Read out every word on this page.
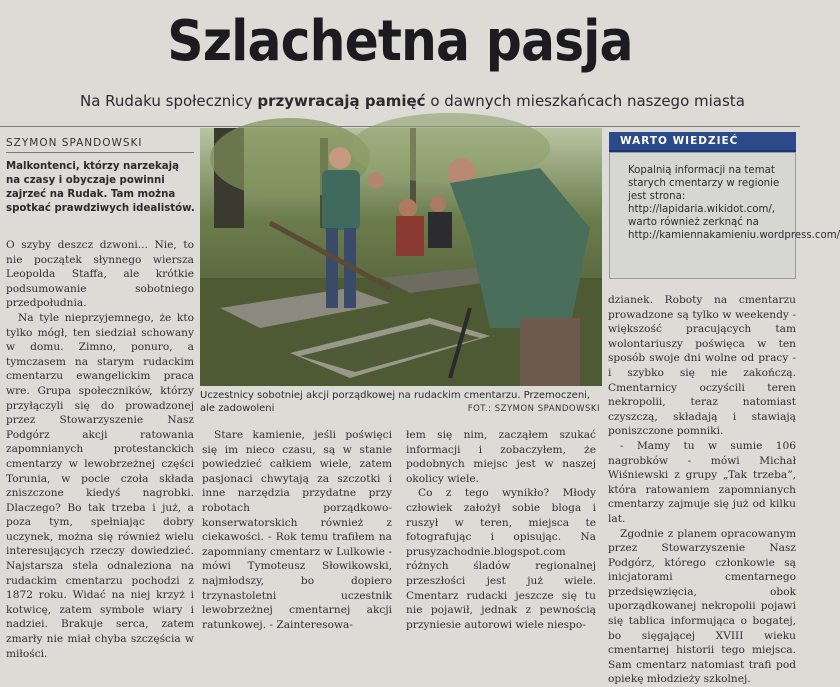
Szlachetna pasja
Na Rudaku społecznicy przywracają pamięć o dawnych mieszkańcach naszego miasta
SZYMON SPANDOWSKI
Malkontenci, którzy narzekają na czasy i obyczaje powinni zajrzeć na Rudak. Tam można spotkać prawdziwych idealistów.

O szyby deszcz dzwoni... Nie, to nie początek słynnego wiersza Leopolda Staffa, ale krótkie podsumowanie sobotniego przedpołudnia.

Na tyle nieprzyjemnego, że kto tylko mógł, ten siedział schowany w domu. Zimno, ponuro, a tymczasem na starym rudackim cmentarzu ewangelickim praca wre. Grupa społeczników, którzy przyłączyli się do prowadzonej przez Stowarzyszenie Nasz Podgórz akcji ratowania zapomnianych protestanckich cmentarzy w lewobrzeżnej części Torunia, w pocie czoła składa zniszczone kiedyś nagrobki. Dlaczego? Bo tak trzeba i już, a poza tym, spełniając dobry uczynek, można się również wielu interesujących rzeczy dowiedzieć. Najstarsza stela odnaleziona na rudackim cmentarzu pochodzi z 1872 roku. Widać na niej krzyż i kotwicę, zatem symbole wiary i nadziei. Brakuje serca, zatem zmarły nie miał chyba szczęścia w miłości.

Uczestnicy sobotniej akcji porządkowej na rudackim cmentarzu. Przemoczeni, ale zadowoleni	FOT.: SZYMON SPANDOWSKI

Stare kamienie, jeśli poświęci się im nieco czasu, są w stanie powiedzieć całkiem wiele, zatem pasjonaci chwytają za szczotki i inne narzędzia przydatne przy robotach porządkowo-konserwatorskich również z ciekawości. - Rok temu trafiłem na zapomniany cmentarz w Lulkowie - mówi Tymoteusz Słowikowski, najmłodszy, bo dopiero trzynastoletni uczestnik lewobrzeżnej cmentarnej akcji ratunkowej. - Zainteresowa-

łem się nim, zacząłem szukać informacji i zobaczyłem, że podobnych miejsc jest w naszej okolicy wiele.

Co z tego wynikło? Młody człowiek założył sobie bloga i ruszył w teren, miejsca te fotografując i opisując. Na prusyzachodnie.blogspot.com różnych śladów regionalnej przeszłości jest już wiele. Cmentarz rudacki jeszcze się tu nie pojawił, jednak z pewnością przyniesie autorowi wiele niespo-

WARTO WIEDZIEĆ
Kopalnią informacji na temat starych cmentarzy w regionie jest strona: http://lapidaria.wikidot.com/, warto również zerknąć na http://kamiennakamieniu.wordpress.com/

dzianek. Roboty na cmentarzu prowadzone są tylko w weekendy - większość pracujących tam wolontariuszy poświęca w ten sposób swoje dni wolne od pracy - i szybko się nie zakończą. Cmentarnicy oczyścili teren nekropolii, teraz natomiast czyszczą, składają i stawiają poniszczone pomniki.

- Mamy tu w sumie 106 nagrobków - mówi Michał Wiśniewski z grupy „Tak trzeba”, która ratowaniem zapomnianych cmentarzy zajmuje się już od kilku lat.

Zgodnie z planem opracowanym przez Stowarzyszenie Nasz Podgórz, którego członkowie są inicjatorami cmentarnego przedsięwzięcia, obok uporządkowanej nekropolii pojawi się tablica informująca o bogatej, bo sięgającej XVIII wieku cmentarnej historii tego miejsca. Sam cmentarz natomiast trafi pod opiekę młodzieży szkolnej.
